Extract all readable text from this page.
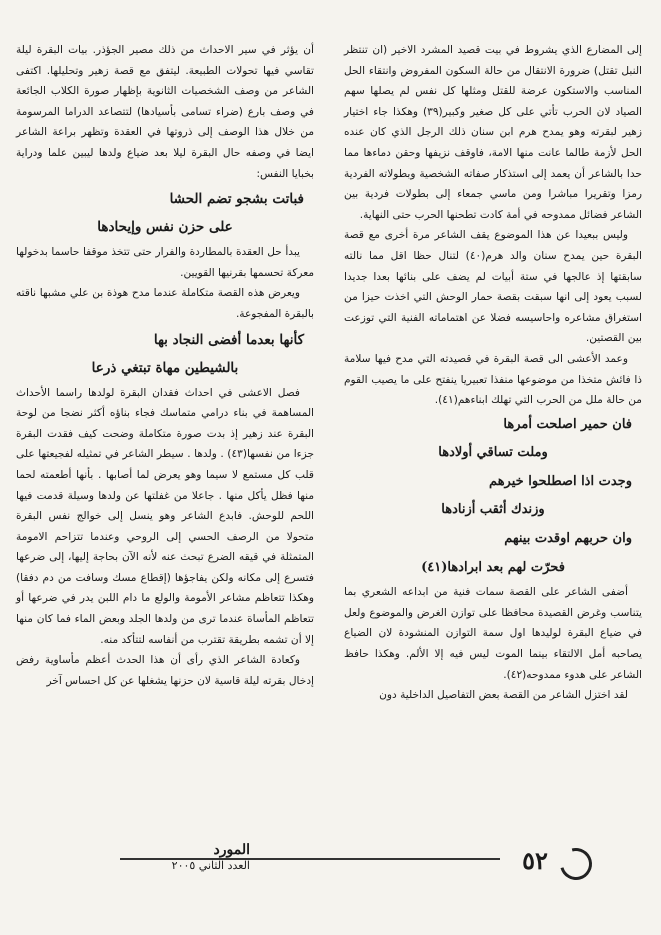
إلى المضارع الذي يشروط في بيت قصيد المشرد الاخير (ان تنتظر النبل تقتل) ضرورة الانتقال من حالة السكون المفروض وانتقاء الحل المناسب والاستكون عرضة للقتل ومثلها كل نفس لم يصلها سهم الصياد لان الحرب تأتي على كل صغير وكبير(٣٩) وهكذا جاء اختيار زهير لبقرته وهو يمدح هرم ابن سنان ذلك الرجل الذي كان عنده الحل لأزمة طالما عانت منها الامة، فاوقف نزيفها وحقن دماءها مما حدا بالشاعر أن يعمد إلى استذكار صفاته الشخصية وبطولاته الفردية رمزا وتقريرا مباشرا ومن ماسي جمعاء إلى بطولات فردية بين الشاعر فضائل ممدوحه في أمة كادت تطحنها الحرب حتى النهاية.

وليس ببعيدا عن هذا الموضوع يقف الشاعر مرة أخرى مع قصة البقرة حين يمدح سنان والد هرم(٤٠) لتنال حظا اقل مما نالته سابقتها إذ عالجها في ستة أبيات لم يضف على بنائها بعدا جديدا لسبب يعود إلى انها سبقت بقصة حمار الوحش التي اخذت حيزا من استغراق مشاعره واحاسيسه فضلا عن اهتماماته الفنية التي توزعت بين القصتين.

وعمد الأعشى الى قصة البقرة في قصيدته التي مدح فيها سلامة ذا فائش متخذا من موضوعها منفذا تعبيريا ينفتح على ما يصيب القوم من حالة ملل من الحرب التي تهلك ابناءهم(٤١).

فان حمير اصلحت أمرها

وملت تساقي أولادها

وجدت اذا اصطلحوا خيرهم

وزندك أثقب أزنادها

وان حربهم اوقدت بينهم

فحرّت لهم بعد ابرادها(٤١)

أضفى الشاعر على القصة سمات فنية من ابداعه الشعري بما يتناسب وغرض القصيدة محافظا على توازن الغرض والموضوع ولعل في ضياع البقرة لوليدها اول سمة التوازن المنشودة لان الضياع يصاحبه أمل الالتقاء بينما الموت ليس فيه إلا الألم. وهكذا حافظ الشاعر على هدوء ممدوحه(٤٢).

لقد اختزل الشاعر من القصة بعض التفاصيل الداخلية دون

أن يؤثر في سير الاحداث من ذلك مصير الجؤذر. بيات البقرة ليلة تقاسي فيها تحولات الطبيعة. ليتفق مع قصة زهير وتحليلها. اكتفى الشاعر من وصف الشخصيات الثانوية بإظهار صورة الكلاب الجائعة في وصف بارع (ضراء تسامى بأسيادها) لتتصاعد الدراما المرسومة من خلال هذا الوصف إلى ذروتها في العقدة وتظهر براعة الشاعر ايضا في وصفه حال البقرة ليلا بعد ضياع ولدها ليبين علما ودراية بخبايا النفس:

فباتت بشجو تضم الحشا

على حزن نفس وإيحادها

يبدأ حل العقدة بالمطاردة والفرار حتى تتخذ موقفا حاسما بدخولها معركة تحسمها بقرنيها القويين.

ويعرض هذه القصة متكاملة عندما مدح هوذة بن علي مشبها ناقته بالبقرة المفجوعة.

كأنها بعدما أفضى النجاد بها

بالشيطين مهاة تبتغي ذرعا

فصل الاعشى في احداث فقدان البقرة لولدها راسما الأحداث المساهمة في بناء درامي متماسك فجاء بناؤه أكثر نضجا من لوحة البقرة عند زهير إذ بدت صورة متكاملة وضحت كيف فقدت البقرة جزءا من نفسها(٤٣) . ولدها . سيطر الشاعر في تمثيله لفجيعتها على قلب كل مستمع لا سيما وهو يعرض لما أصابها . بأنها أطعمته لحما منها فظل يأكل منها . جاعلا من غفلتها عن ولدها وسيلة قدمت فيها اللحم للوحش. فابدع الشاعر وهو ينسل إلى خوالج نفس البقرة متحولا من الرصف الحسي إلى الروحي وعندما تتزاحم الامومة المتمثلة في قيقه الضرع تبحث عنه لأنه الآن بحاجة إليها، إلى ضرعها فتسرع إلى مكانه ولكن يفاجؤها (إقطاع مسك وسافت من دم دفقا) وهكذا تتعاظم مشاعر الأمومة والولع ما دام اللبن يدر في ضرعها أو تتعاظم المأساة عندما ترى من ولدها الجلد وبعض الماء فما كان منها إلا أن تشمه بطريقة تقترب من أنفاسه لتتأكد منه.

وكعادة الشاعر الذي رأى أن هذا الحدث أعظم مأساوية رفض إدخال بقرته ليلة قاسية لان حزنها يشغلها عن كل احساس آخر

٥٢
المورد
العدد الثاني ٢٠٠٥
